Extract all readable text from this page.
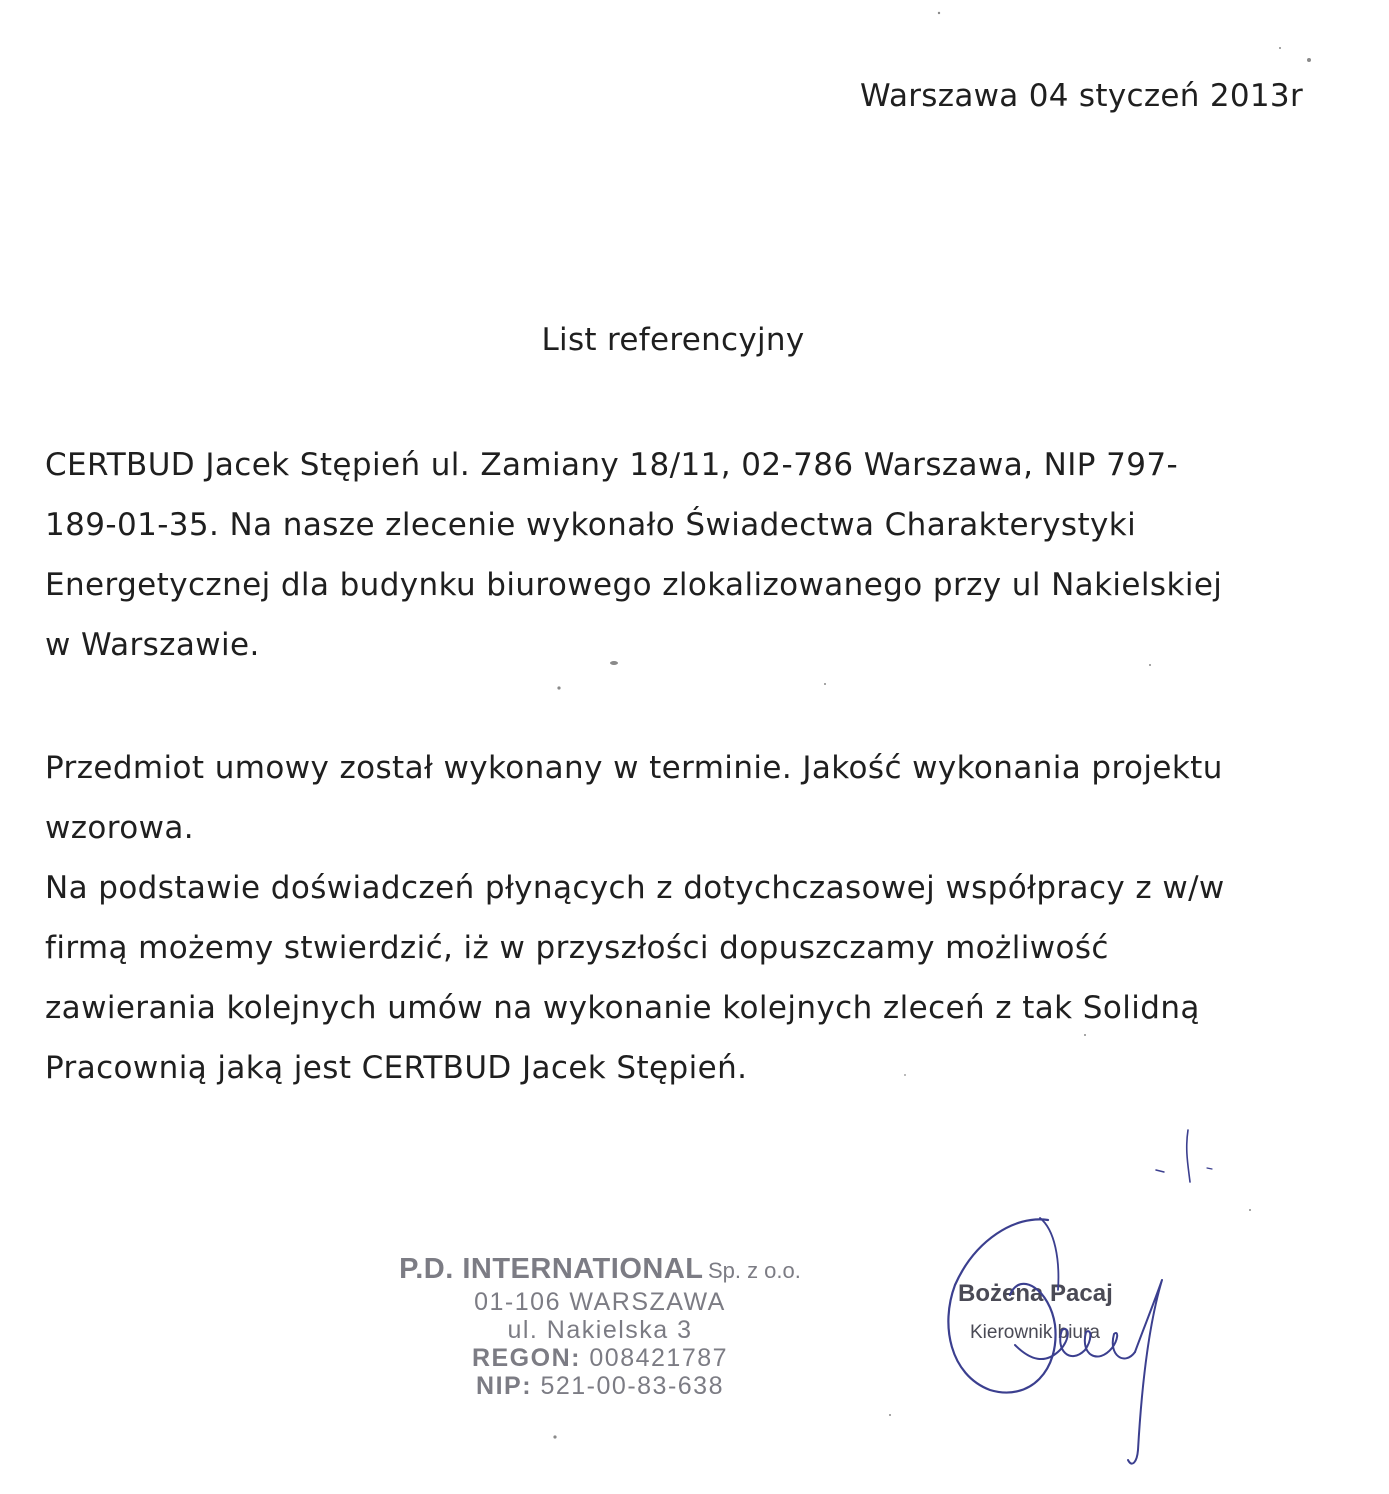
Warszawa 04 styczeń 2013r
List referencyjny
CERTBUD Jacek Stępień ul. Zamiany 18/11, 02-786 Warszawa, NIP 797-
189-01-35. Na nasze zlecenie wykonało Świadectwa Charakterystyki
Energetycznej dla budynku biurowego zlokalizowanego przy ul Nakielskiej
w Warszawie.
Przedmiot umowy został wykonany w terminie. Jakość wykonania projektu
wzorowa.
Na podstawie doświadczeń płynących z dotychczasowej współpracy z w/w
firmą możemy stwierdzić, iż w przyszłości dopuszczamy możliwość
zawierania kolejnych umów na wykonanie kolejnych zleceń z tak Solidną
Pracownią jaką jest CERTBUD Jacek Stępień.
P.D. INTERNATIONAL Sp. z o.o.
01-106 WARSZAWA
ul. Nakielska 3
REGON: 008421787
NIP: 521-00-83-638
Bożena Pacaj
Kierownik biura
